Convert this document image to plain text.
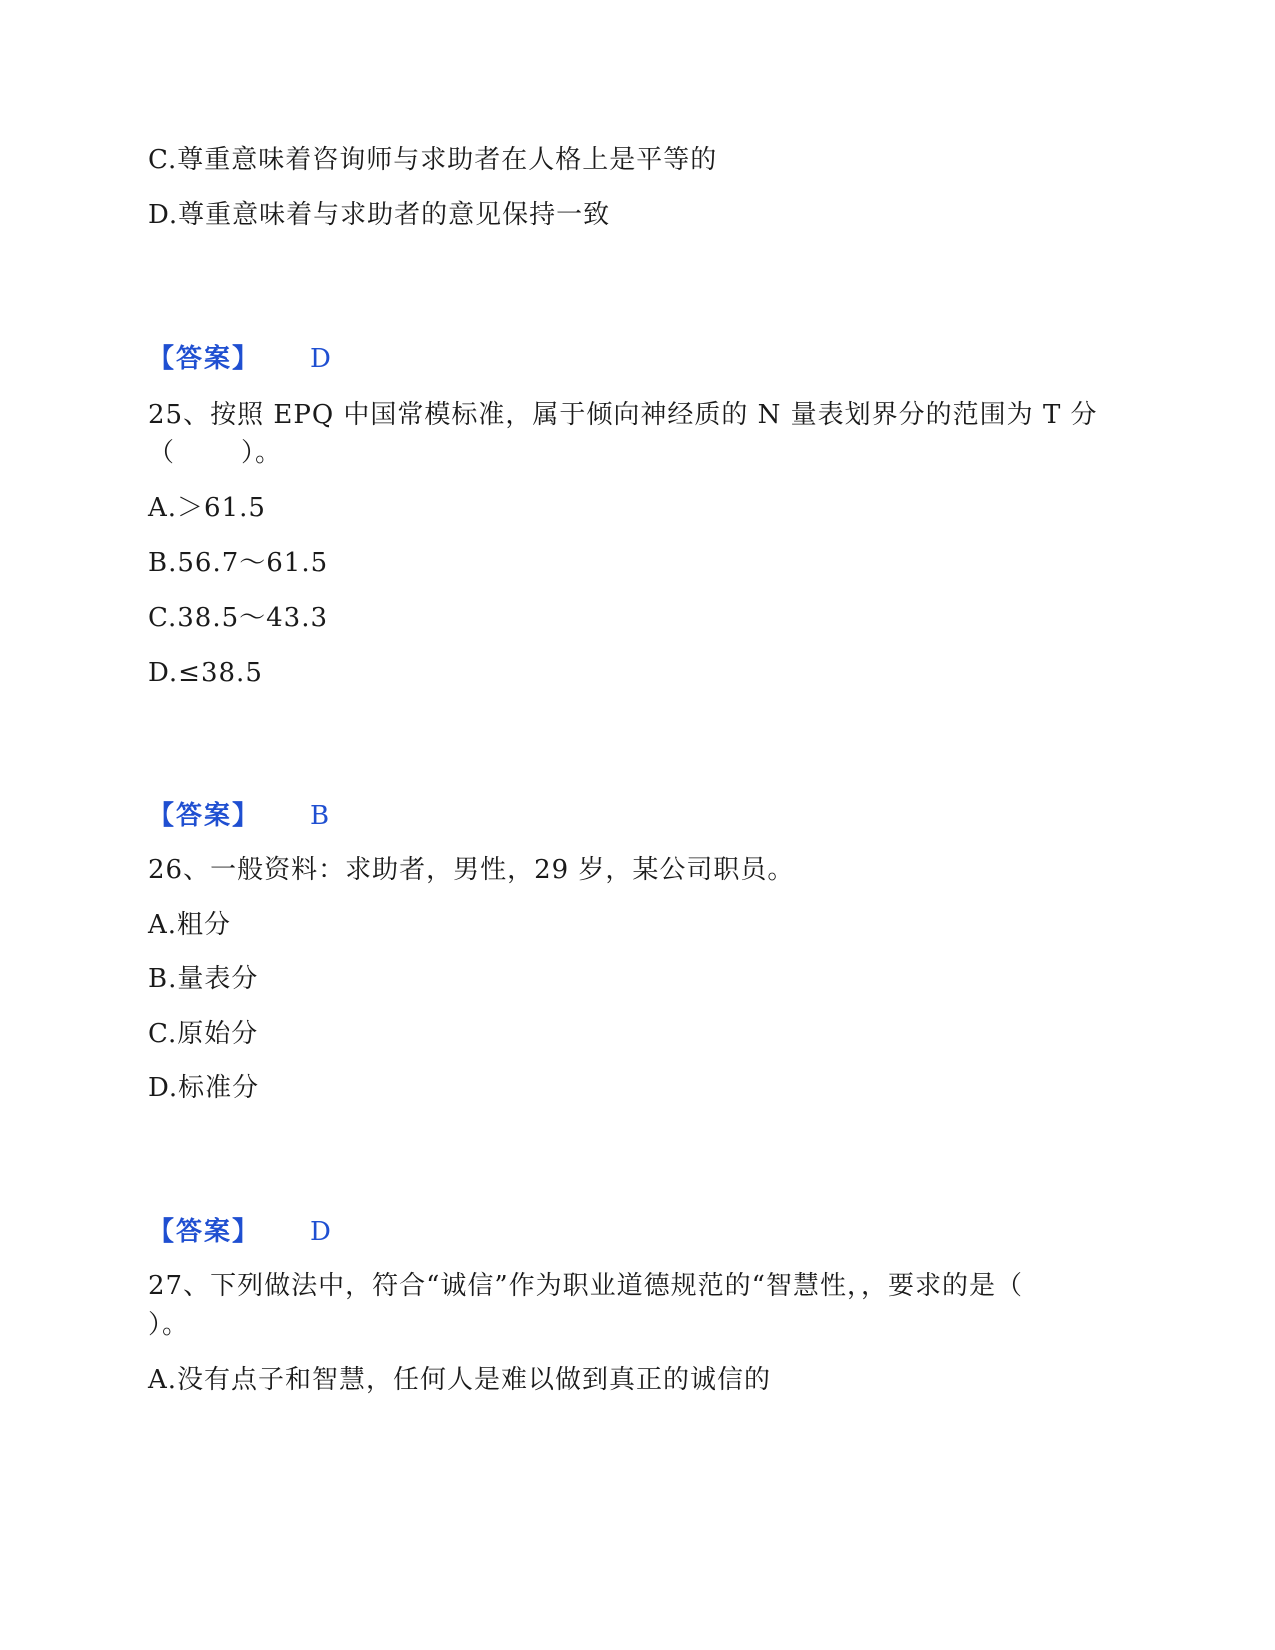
C.尊重意味着咨询师与求助者在人格上是平等的
D.尊重意味着与求助者的意见保持一致
【答案】 D
25、按照 EPQ 中国常模标准，属于倾向神经质的 N 量表划界分的范围为 T 分
（	）。
A.＞61.5
B.56.7～61.5
C.38.5～43.3
D.≤38.5
【答案】 B
26、一般资料：求助者，男性，29 岁，某公司职员。
A.粗分
B.量表分
C.原始分
D.标准分
【答案】 D
27、下列做法中，符合“诚信”作为职业道德规范的“智慧性，，要求的是（
）。
A.没有点子和智慧，任何人是难以做到真正的诚信的
